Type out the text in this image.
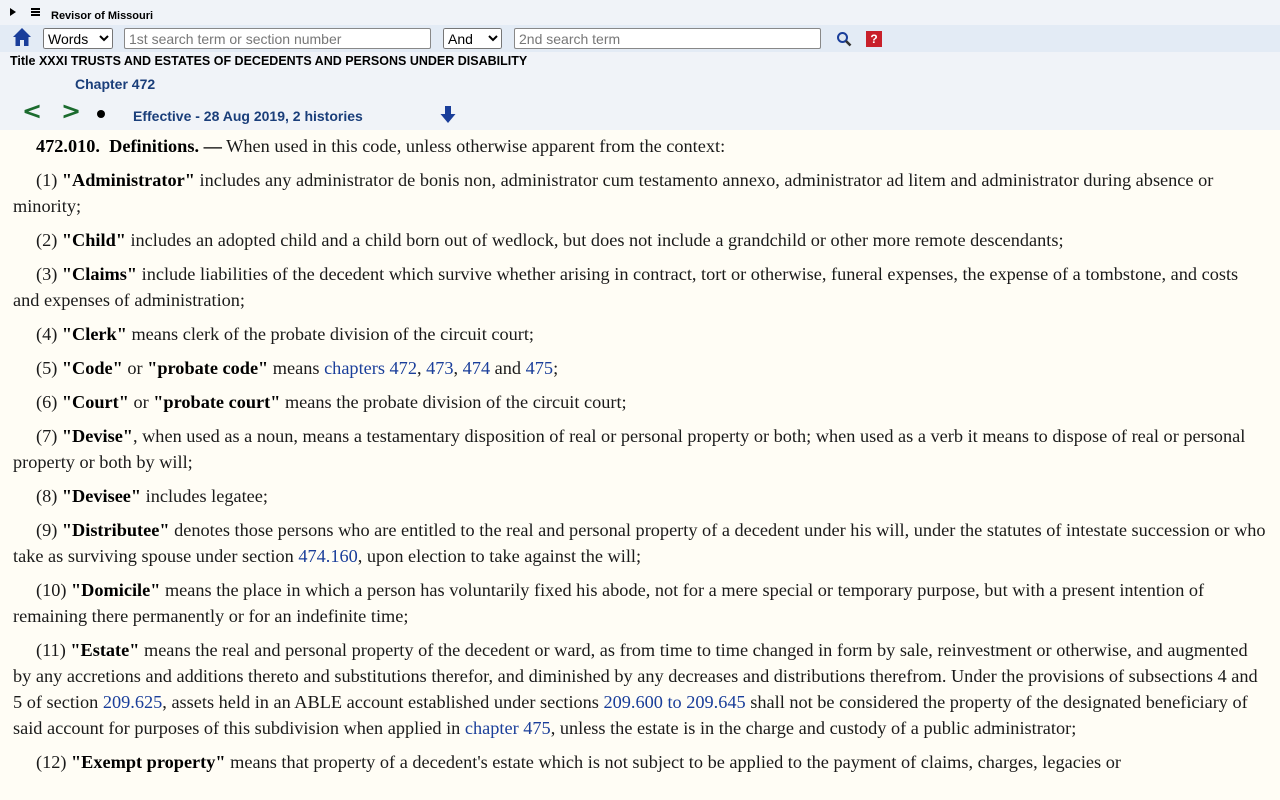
Revisor of Missouri
Words
1st search term or section number
And
2nd search term
?
Title XXXI TRUSTS AND ESTATES OF DECEDENTS AND PERSONS UNDER DISABILITY
Chapter 472
< >	Effective - 28 Aug 2019, 2 histories

472.010. Definitions. — When used in this code, unless otherwise apparent from the context:

(1) "Administrator" includes any administrator de bonis non, administrator cum testamento annexo, administrator ad litem and administrator during absence or minority;

(2) "Child" includes an adopted child and a child born out of wedlock, but does not include a grandchild or other more remote descendants;

(3) "Claims" include liabilities of the decedent which survive whether arising in contract, tort or otherwise, funeral expenses, the expense of a tombstone, and costs and expenses of administration;

(4) "Clerk" means clerk of the probate division of the circuit court;

(5) "Code" or "probate code" means chapters 472, 473, 474 and 475;

(6) "Court" or "probate court" means the probate division of the circuit court;

(7) "Devise", when used as a noun, means a testamentary disposition of real or personal property or both; when used as a verb it means to dispose of real or personal property or both by will;

(8) "Devisee" includes legatee;

(9) "Distributee" denotes those persons who are entitled to the real and personal property of a decedent under his will, under the statutes of intestate succession or who take as surviving spouse under section 474.160, upon election to take against the will;

(10) "Domicile" means the place in which a person has voluntarily fixed his abode, not for a mere special or temporary purpose, but with a present intention of remaining there permanently or for an indefinite time;

(11) "Estate" means the real and personal property of the decedent or ward, as from time to time changed in form by sale, reinvestment or otherwise, and augmented by any accretions and additions thereto and substitutions therefor, and diminished by any decreases and distributions therefrom. Under the provisions of subsections 4 and 5 of section 209.625, assets held in an ABLE account established under sections 209.600 to 209.645 shall not be considered the property of the designated beneficiary of said account for purposes of this subdivision when applied in chapter 475, unless the estate is in the charge and custody of a public administrator;

(12) "Exempt property" means that property of a decedent's estate which is not subject to be applied to the payment of claims, charges, legacies or
